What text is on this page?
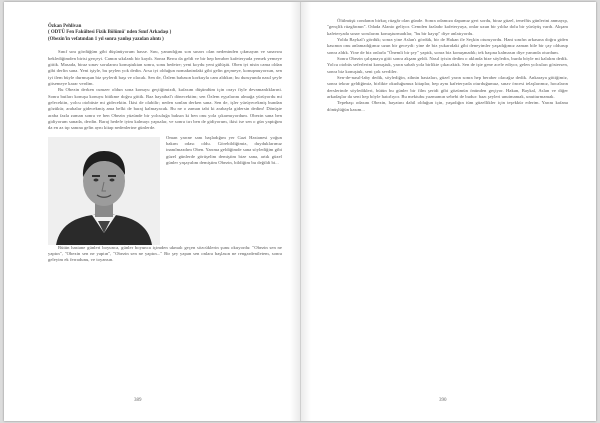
Özkan Pehlivan

( ODTÜ Fen Fakültesi Fizik Bölümü' nden Sınıf Arkadaşı )

(Obezin'in vefatından 1 yıl sonra yanlışı yazıdan alıntı )

Sınıf sını gördüğüm gibi düşünüyorum hasse. Sını, yanındığını son sınavı olan nedeninden çıkmayan ve sınavını beklediğimden birisi gerçeyi. Camın sıkılanlı bir kaydı. Sonra Berra da geldi ve bir hep beraber kafeteryada yemek yemeye gittik. Masada, biraz sınav sorularını konuştuktan sonra, sonu hedetre; yeni koydu yeni gülüştü. Oben iyi nisin cama oldan gibi derlin sana. Yeni işiyle, bu şeylen yok dedin. Arsa iyi olduğun nomaknindaki gibi gelin geçmeye, konuşmuyorsun, sen iyi ilem büyle durmuşun biz şeylerdi başı ve olacak. Sen de, Özlem babasın korkuyla cam aldıkın; bu duruyunda nasıl şeyle gitsemeye karar verdim.

Bu Obezin derken cumzer oldun sona konuyu geçtiğimizdi, kafasım düşündüm için orayı fiyle devamanlıklarıni. Sonra butları konuşu konuyu bitikme doğru gittik. Baz hayatbal'ı dönecektim; sen Özlem eşyalarını almağa yürüyordu mi gelecektin, yolcu otobüste mi gidecektin. İkisi de olabilir; neden sonlan derken sana. Sen de, işler yürüyecekmiş bundan gözükür, arabalar gidecekmiş ama belki de baraj kalmayacak. Bu ne o zaman tabi ki arabayla gidersin dedim! Dönüşte araba fazla zaman sonra ve ben Obezin yüzünde bir yolculuğa baksın ki ben onu yola çıkarmıyordum. Obezin sana ben gidiyorum sanada, derdin. Baraj hedefe iyim kalmayı yapsalar, ve sonra tırı ben de gidiyorum, ikisi ise sen o gün yaptığım da en az tıp sanına gelin aynı kitap nedenlerine günlerde.

Oman yarıne sanı başladığım yer Gazi Hastanesi yoğun bakım odası oldu. Görebildiğimiz, duyduklarımız inanılmazdım Oben. Yarıma geldiğimde sana söylediğim gibi güzel günlerde görüşelim demiştim bize sana, artık güzel günler yaşayalım demiştim Obezin, bildiğim bu değildi bi...

Bütün hastane günleri boyunca, günler boyunca içimden ukmalı geçen sözcüklerin şunu okuyordu: "Obezin sen ne yaptın", "Obezin sen ne yaptın", "Obezin sen ne yaptın..." Bir şey yapan sen onlara başlasın ne rengardeniletem, sonra geleyim ek ferradunu, ve toyansın.

389

Ölülmüşü condanın birkaç rüzgâr olan günde. Sonra odamıza dapamız geri sordu, biraz güzel, teneffüs günlerini anmayıp, "gençlik rüzgârının". Odada Alanio geliyor. Cemden fazladır kafeteryaya, onlar uzun bir yıldız dolu bir yürüyüş vardı. Akşam kafeteryada sınav sorularını konuşturmadılar, "bu bir kayıp" diye anlatıyordu.

Yolda Baykal'ı gördük; sonra yine Aslan'ı gördük, bir de Hakan ile Seçkin oturuyordu. Hani sınıfın arkasına doğru giden kasımın onu anlamadığımız uzun bir geceydi: yine de biz yukarıdaki gibi deneyimler yaşadığımız zaman bile bir çay oldurup sonra aldık. Yine de biz onlarla "Önemli bir şey" yaptık, sonra biz konuşmadık; tek başına kalmasın diye yanında oturdum.

Sonra Obezin çalışmaya gitti sonra akşam geldi. Nasıl iyisin dedim o aklında bize söyledin, burda böyle mi kalalım dedik. Yolcu otobüs seferlerini konuştuk, yarın sabah yola birlikte çıkacaktık. Sen de işte gene acele ediyor, gelen yolcuları göstersen, sonra biz konuştuk, seni çok sevdiler.

Sen-de-nasıl-laby dedik, söylediğin, zihnin hastaları, güzel yarın sonra hep beraber olacağız dedik. Ankaraya gittiğimiz, sonra tekrar geldiğimiz, birlikte okuduğumuz kitaplar, hep aynı kafeteryada oturduğumuz, sınav öncesi telaşlarımız, hocaların derslerinde söyledikleri, bütün bu günler bir film şeridi gibi gözümün önünden geçiyor. Hakan, Baykal, Aslan ve diğer arkadaşlar da seni hep böyle hatırlıyor. Bu mektubu yazmamın sebebi de budur: bazı şeyleri unutmamak, unutturmamak.

Tepebaşı odasını Obezin, hayatını dahil olduğun için, yaşadığın tüm güzellikler için teşekkür ederim. Yarını kafana dönüşlüğün kasım...

390
